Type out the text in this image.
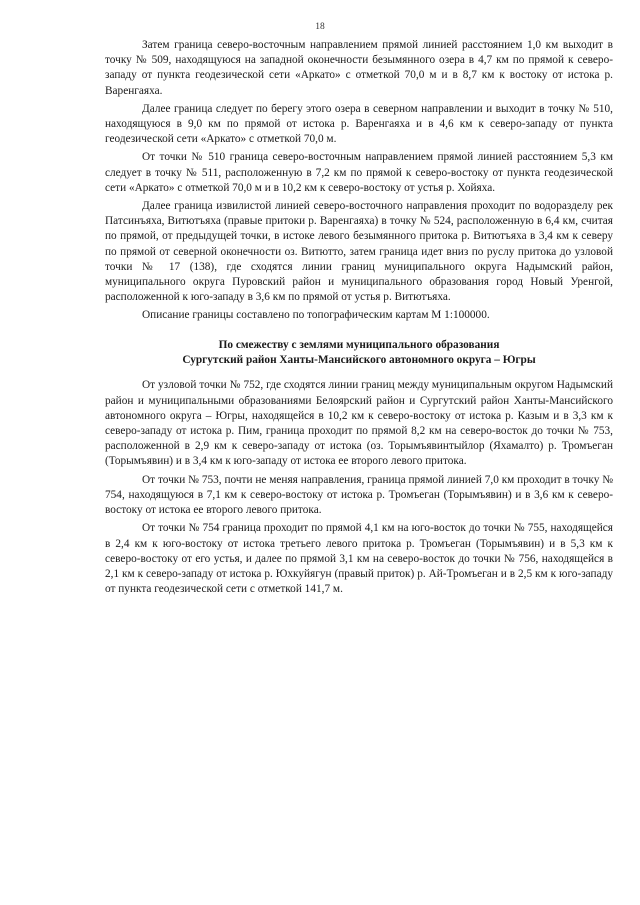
18

Затем граница северо-восточным направлением прямой линией расстоянием 1,0 км выходит в точку № 509, находящуюся на западной оконечности безымянного озера в 4,7 км по прямой к северо-западу от пункта геодезической сети «Аркато» с отметкой 70,0 м и в 8,7 км к востоку от истока р. Варенгаяха.

Далее граница следует по берегу этого озера в северном направлении и выходит в точку № 510, находящуюся в 9,0 км по прямой от истока р. Варенгаяха и в 4,6 км к северо-западу от пункта геодезической сети «Аркато» с отметкой 70,0 м.

От точки № 510 граница северо-восточным направлением прямой линией расстоянием 5,3 км следует в точку № 511, расположенную в 7,2 км по прямой к северо-востоку от пункта геодезической сети «Аркато» с отметкой 70,0 м и в 10,2 км к северо-востоку от устья р. Хойяха.

Далее граница извилистой линией северо-восточного направления проходит по водоразделу рек Патсинъяха, Витютъяха (правые притоки р. Варенгаяха) в точку № 524, расположенную в 6,4 км, считая по прямой, от предыдущей точки, в истоке левого безымянного притока р. Витютъяха в 3,4 км к северу по прямой от северной оконечности оз. Витютто, затем граница идет вниз по руслу притока до узловой точки № 17 (138), где сходятся линии границ муниципального округа Надымский район, муниципального округа Пуровский район и муниципального образования город Новый Уренгой, расположенной к юго-западу в 3,6 км по прямой от устья р. Витютъяха.

Описание границы составлено по топографическим картам М 1:100000.

По смежеству с землями муниципального образования
Сургутский район Ханты-Мансийского автономного округа – Югры

От узловой точки № 752, где сходятся линии границ между муниципальным округом Надымский район и муниципальными образованиями Белоярский район и Сургутский район Ханты-Мансийского автономного округа – Югры, находящейся в 10,2 км к северо-востоку от истока р. Казым и в 3,3 км к северо-западу от истока р. Пим, граница проходит по прямой 8,2 км на северо-восток до точки № 753, расположенной в 2,9 км к северо-западу от истока (оз. Торымъявинтыйлор (Яхамалто) р. Тромъеган (Торымъявин) и в 3,4 км к юго-западу от истока ее второго левого притока.

От точки № 753, почти не меняя направления, граница прямой линией 7,0 км проходит в точку № 754, находящуюся в 7,1 км к северо-востоку от истока р. Тромъеган (Торымъявин) и в 3,6 км к северо-востоку от истока ее второго левого притока.

От точки № 754 граница проходит по прямой 4,1 км на юго-восток до точки № 755, находящейся в 2,4 км к юго-востоку от истока третьего левого притока р. Тромъеган (Торымъявин) и в 5,3 км к северо-востоку от его устья, и далее по прямой 3,1 км на северо-восток до точки № 756, находящейся в 2,1 км к северо-западу от истока р. Юхкуйягун (правый приток) р. Ай-Тромъеган и в 2,5 км к юго-западу от пункта геодезической сети с отметкой 141,7 м.
